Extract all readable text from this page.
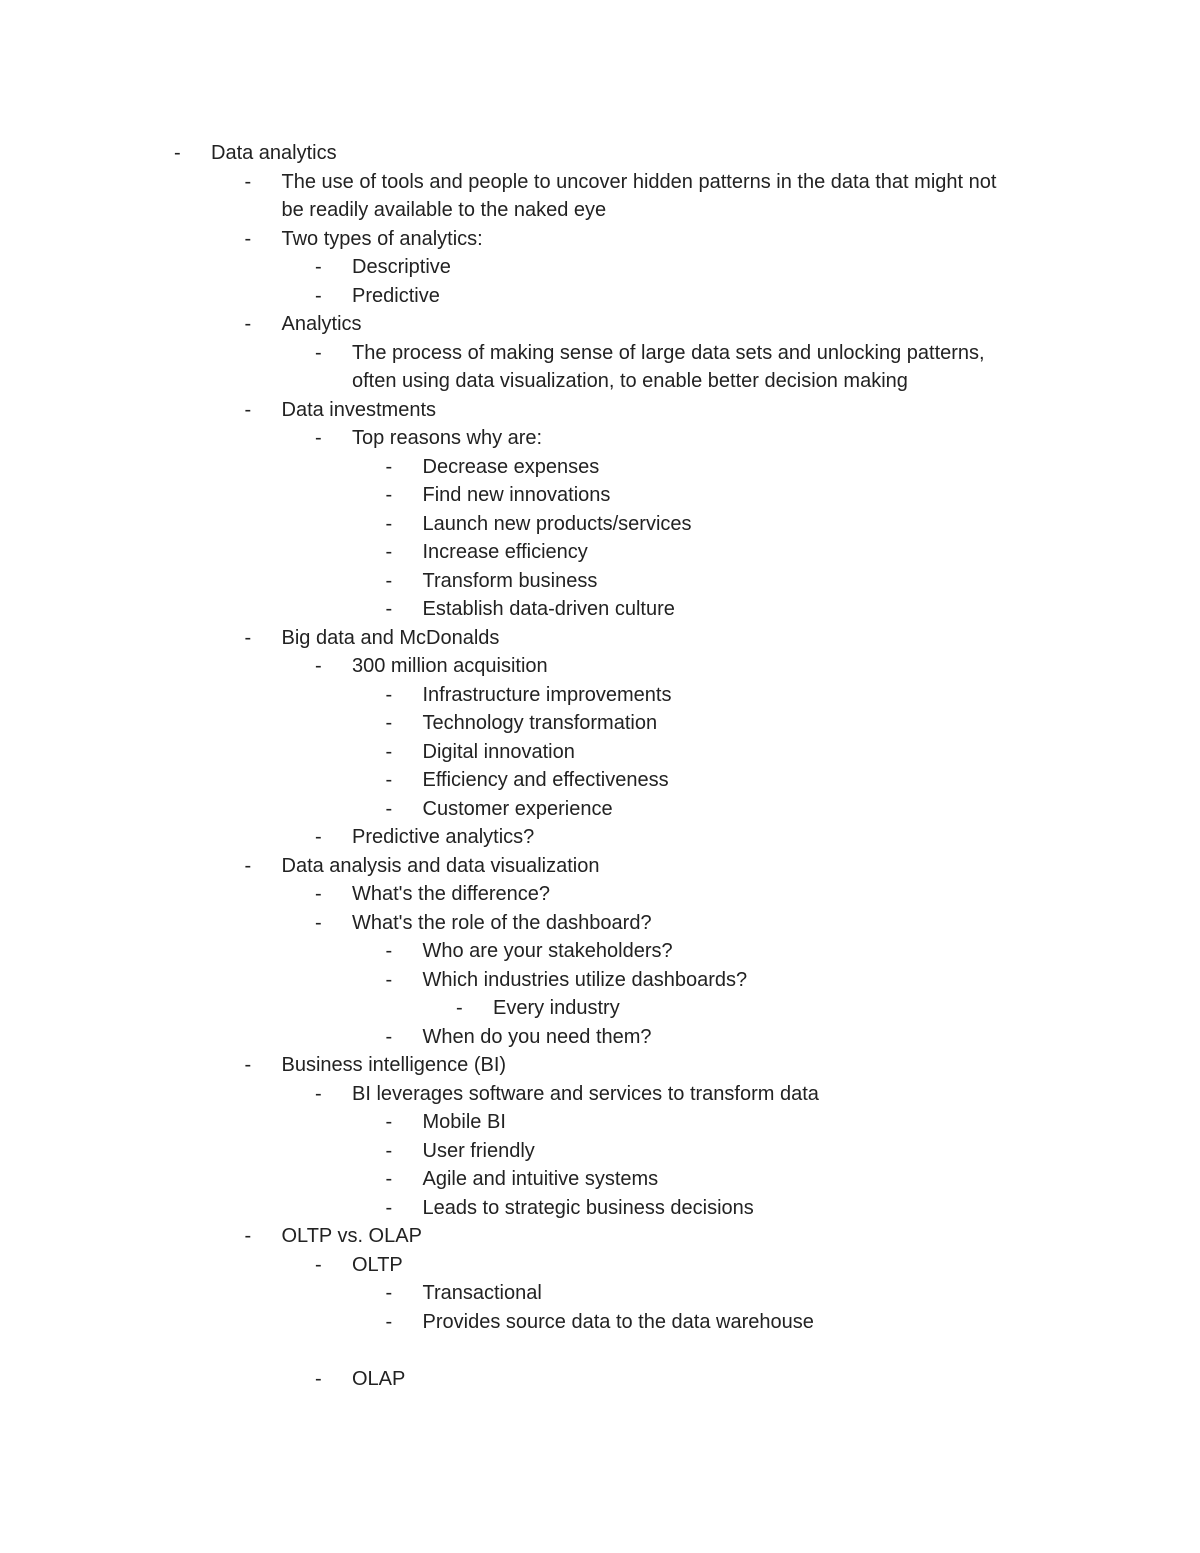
- Data analytics
- The use of tools and people to uncover hidden patterns in the data that might not
be readily available to the naked eye
- Two types of analytics:
- Descriptive
- Predictive
- Analytics
- The process of making sense of large data sets and unlocking patterns,
often using data visualization, to enable better decision making
- Data investments
- Top reasons why are:
- Decrease expenses
- Find new innovations
- Launch new products/services
- Increase efficiency
- Transform business
- Establish data-driven culture
- Big data and McDonalds
- 300 million acquisition
- Infrastructure improvements
- Technology transformation
- Digital innovation
- Efficiency and effectiveness
- Customer experience
- Predictive analytics?
- Data analysis and data visualization
- What's the difference?
- What's the role of the dashboard?
- Who are your stakeholders?
- Which industries utilize dashboards?
- Every industry
- When do you need them?
- Business intelligence (BI)
- BI leverages software and services to transform data
- Mobile BI
- User friendly
- Agile and intuitive systems
- Leads to strategic business decisions
- OLTP vs. OLAP
- OLTP
- Transactional
- Provides source data to the data warehouse
- OLAP
